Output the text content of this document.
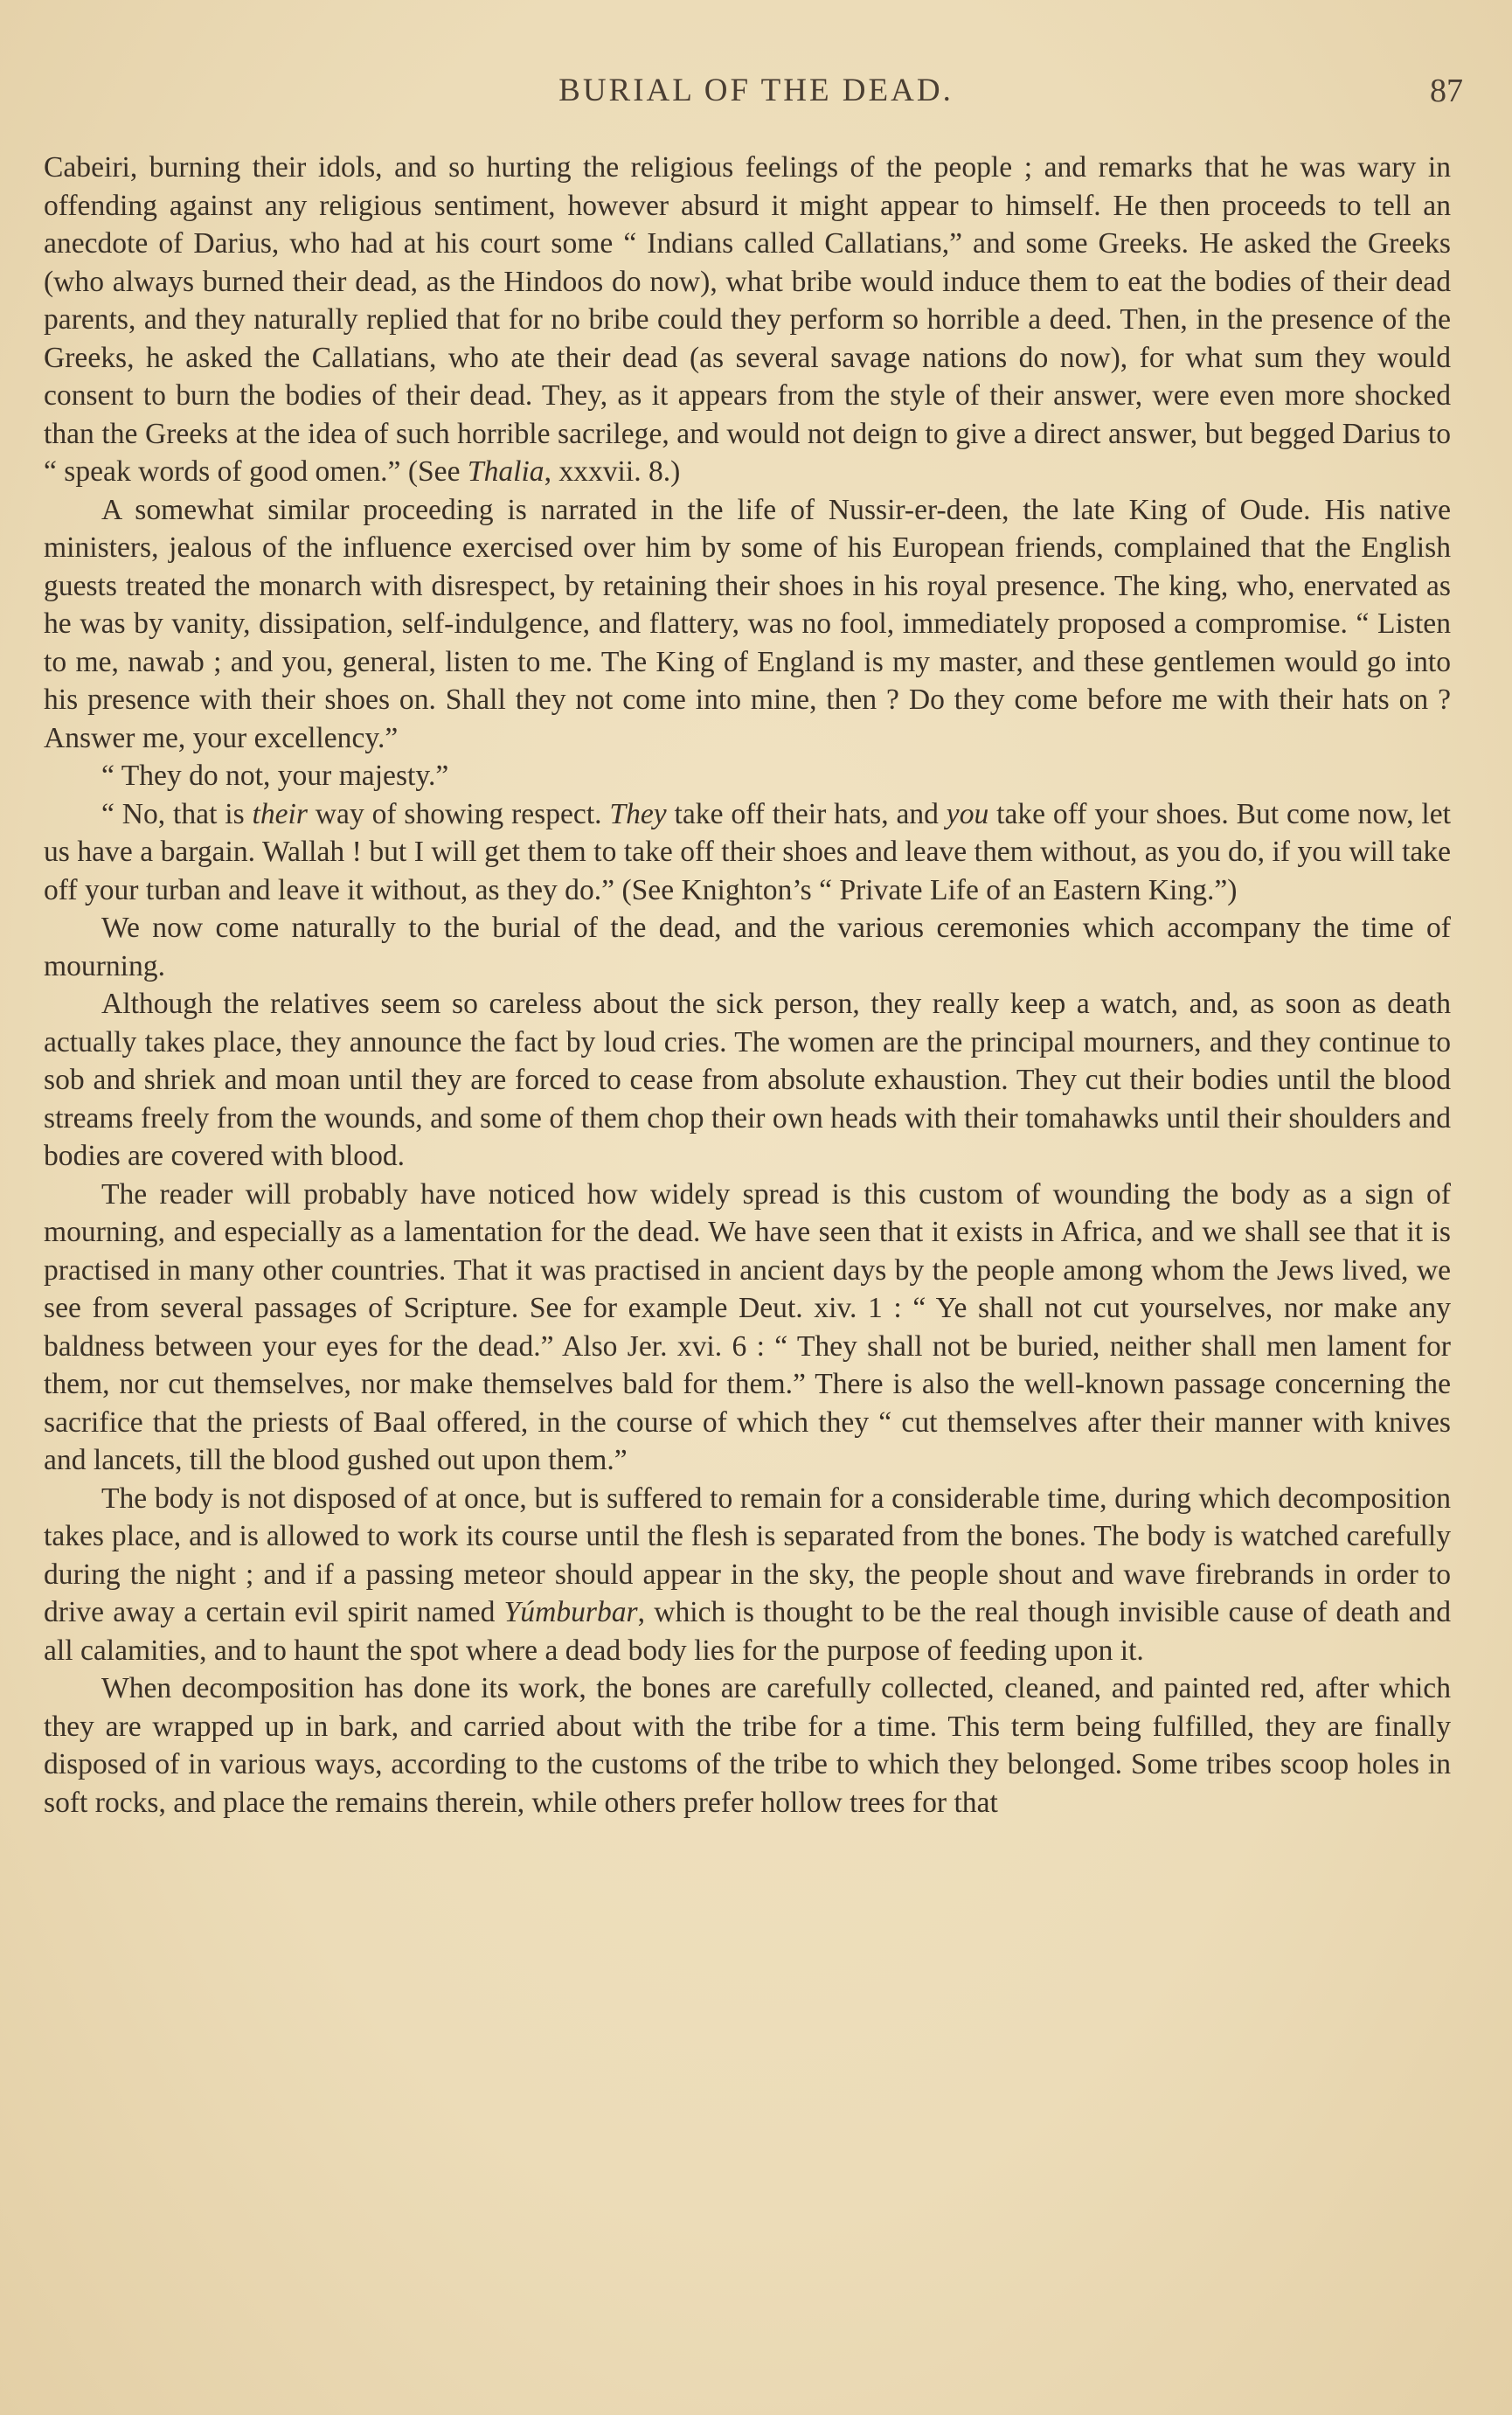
BURIAL OF THE DEAD.	87

Cabeiri, burning their idols, and so hurting the religious feelings of the people ; and remarks that he was wary in offending against any religious sentiment, however absurd it might appear to himself. He then proceeds to tell an anecdote of Darius, who had at his court some “ Indians called Callatians,” and some Greeks. He asked the Greeks (who always burned their dead, as the Hindoos do now), what bribe would induce them to eat the bodies of their dead parents, and they naturally replied that for no bribe could they perform so horrible a deed. Then, in the presence of the Greeks, he asked the Callatians, who ate their dead (as several savage nations do now), for what sum they would consent to burn the bodies of their dead. They, as it appears from the style of their answer, were even more shocked than the Greeks at the idea of such horrible sacrilege, and would not deign to give a direct answer, but begged Darius to “ speak words of good omen.” (See Thalia, xxxvii. 8.)

A somewhat similar proceeding is narrated in the life of Nussir-er-deen, the late King of Oude. His native ministers, jealous of the influence exercised over him by some of his European friends, complained that the English guests treated the monarch with disrespect, by retaining their shoes in his royal presence. The king, who, enervated as he was by vanity, dissipation, self-indulgence, and flattery, was no fool, immediately proposed a compromise. “ Listen to me, nawab ; and you, general, listen to me. The King of England is my master, and these gentlemen would go into his presence with their shoes on. Shall they not come into mine, then ? Do they come before me with their hats on ? Answer me, your excellency.”

“ They do not, your majesty.”

“ No, that is their way of showing respect. They take off their hats, and you take off your shoes. But come now, let us have a bargain. Wallah ! but I will get them to take off their shoes and leave them without, as you do, if you will take off your turban and leave it without, as they do.” (See Knighton’s “ Private Life of an Eastern King.”)

We now come naturally to the burial of the dead, and the various ceremonies which accompany the time of mourning.

Although the relatives seem so careless about the sick person, they really keep a watch, and, as soon as death actually takes place, they announce the fact by loud cries. The women are the principal mourners, and they continue to sob and shriek and moan until they are forced to cease from absolute exhaustion. They cut their bodies until the blood streams freely from the wounds, and some of them chop their own heads with their tomahawks until their shoulders and bodies are covered with blood.

The reader will probably have noticed how widely spread is this custom of wounding the body as a sign of mourning, and especially as a lamentation for the dead. We have seen that it exists in Africa, and we shall see that it is practised in many other countries. That it was practised in ancient days by the people among whom the Jews lived, we see from several passages of Scripture. See for example Deut. xiv. 1 : “ Ye shall not cut yourselves, nor make any baldness between your eyes for the dead.” Also Jer. xvi. 6 : “ They shall not be buried, neither shall men lament for them, nor cut themselves, nor make themselves bald for them.” There is also the well-known passage concerning the sacrifice that the priests of Baal offered, in the course of which they “ cut themselves after their manner with knives and lancets, till the blood gushed out upon them.”

The body is not disposed of at once, but is suffered to remain for a considerable time, during which decomposition takes place, and is allowed to work its course until the flesh is separated from the bones. The body is watched carefully during the night ; and if a passing meteor should appear in the sky, the people shout and wave firebrands in order to drive away a certain evil spirit named Yúmburbar, which is thought to be the real though invisible cause of death and all calamities, and to haunt the spot where a dead body lies for the purpose of feeding upon it.

When decomposition has done its work, the bones are carefully collected, cleaned, and painted red, after which they are wrapped up in bark, and carried about with the tribe for a time. This term being fulfilled, they are finally disposed of in various ways, according to the customs of the tribe to which they belonged. Some tribes scoop holes in soft rocks, and place the remains therein, while others prefer hollow trees for that
